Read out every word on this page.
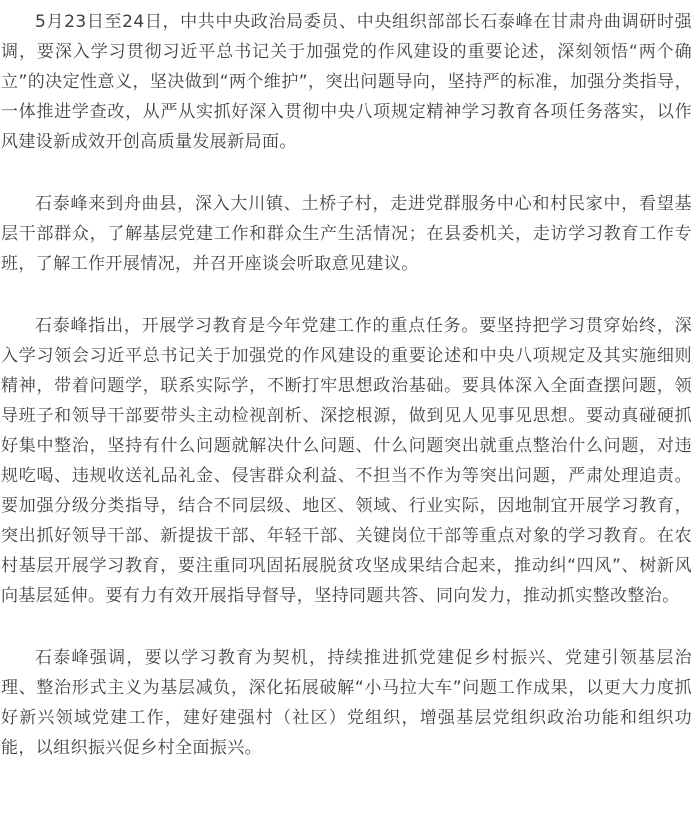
5月23日至24日，中共中央政治局委员、中央组织部部长石泰峰在甘肃舟曲调研时强调，要深入学习贯彻习近平总书记关于加强党的作风建设的重要论述，深刻领悟“两个确立”的决定性意义，坚决做到“两个维护”，突出问题导向，坚持严的标准，加强分类指导，一体推进学查改，从严从实抓好深入贯彻中央八项规定精神学习教育各项任务落实，以作风建设新成效开创高质量发展新局面。

石泰峰来到舟曲县，深入大川镇、土桥子村，走进党群服务中心和村民家中，看望基层干部群众，了解基层党建工作和群众生产生活情况；在县委机关，走访学习教育工作专班，了解工作开展情况，并召开座谈会听取意见建议。

石泰峰指出，开展学习教育是今年党建工作的重点任务。要坚持把学习贯穿始终，深入学习领会习近平总书记关于加强党的作风建设的重要论述和中央八项规定及其实施细则精神，带着问题学，联系实际学，不断打牢思想政治基础。要具体深入全面查摆问题，领导班子和领导干部要带头主动检视剖析、深挖根源，做到见人见事见思想。要动真碰硬抓好集中整治，坚持有什么问题就解决什么问题、什么问题突出就重点整治什么问题，对违规吃喝、违规收送礼品礼金、侵害群众利益、不担当不作为等突出问题，严肃处理追责。要加强分级分类指导，结合不同层级、地区、领域、行业实际，因地制宜开展学习教育，突出抓好领导干部、新提拔干部、年轻干部、关键岗位干部等重点对象的学习教育。在农村基层开展学习教育，要注重同巩固拓展脱贫攻坚成果结合起来，推动纠“四风”、树新风向基层延伸。要有力有效开展指导督导，坚持同题共答、同向发力，推动抓实整改整治。

石泰峰强调，要以学习教育为契机，持续推进抓党建促乡村振兴、党建引领基层治理、整治形式主义为基层减负，深化拓展破解“小马拉大车”问题工作成果，以更大力度抓好新兴领域党建工作，建好建强村（社区）党组织，增强基层党组织政治功能和组织功能，以组织振兴促乡村全面振兴。
